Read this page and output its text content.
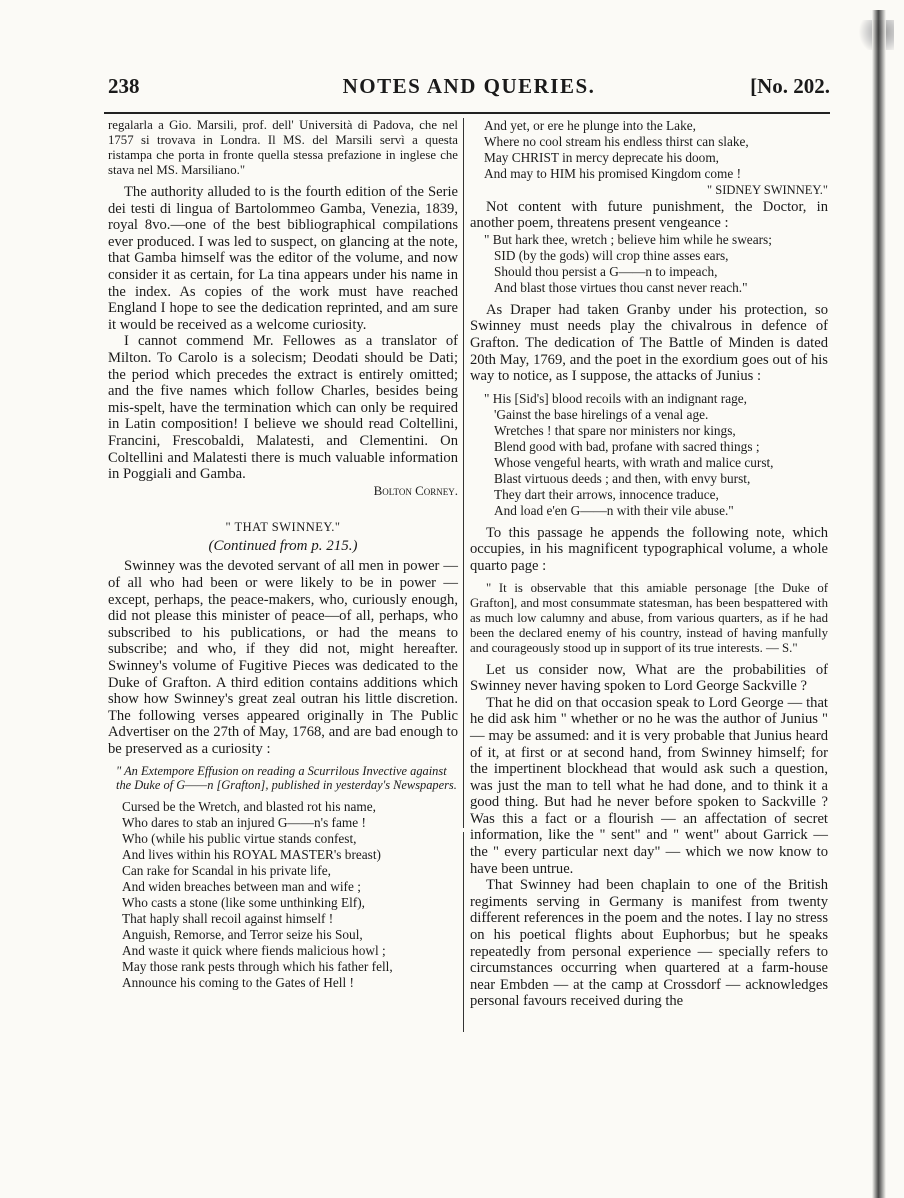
238	NOTES AND QUERIES.	[No. 202.

regalarla a Gio. Marsili, prof. dell' Università di Padova, che nel 1757 si trovava in Londra. Il MS. del Marsili servì a questa ristampa che porta in fronte quella stessa prefazione in inglese che stava nel MS. Marsiliano."

The authority alluded to is the fourth edition of the Serie dei testi di lingua of Bartolommeo Gamba, Venezia, 1839, royal 8vo.—one of the best bibliographical compilations ever produced. I was led to suspect, on glancing at the note, that Gamba himself was the editor of the volume, and now consider it as certain, for La tina appears under his name in the index. As copies of the work must have reached England I hope to see the dedication reprinted, and am sure it would be received as a welcome curiosity.

I cannot commend Mr. Fellowes as a translator of Milton. To Carolo is a solecism; Deodati should be Dati; the period which precedes the extract is entirely omitted; and the five names which follow Charles, besides being mis-spelt, have the termination which can only be required in Latin composition! I believe we should read Coltellini, Francini, Frescobaldi, Malatesti, and Clementini. On Coltellini and Malatesti there is much valuable information in Poggiali and Gamba.

Bolton Corney.

" THAT SWINNEY."

(Continued from p. 215.)

Swinney was the devoted servant of all men in power — of all who had been or were likely to be in power — except, perhaps, the peace-makers, who, curiously enough, did not please this minister of peace—of all, perhaps, who subscribed to his publications, or had the means to subscribe; and who, if they did not, might hereafter. Swinney's volume of Fugitive Pieces was dedicated to the Duke of Grafton. A third edition contains additions which show how Swinney's great zeal outran his little discretion. The following verses appeared originally in The Public Advertiser on the 27th of May, 1768, and are bad enough to be preserved as a curiosity :

" An Extempore Effusion on reading a Scurrilous Invective against the Duke of G——n [Grafton], published in yesterday's Newspapers.

Cursed be the Wretch, and blasted rot his name,
Who dares to stab an injured G——n's fame !
Who (while his public virtue stands confest,
And lives within his ROYAL MASTER's breast)
Can rake for Scandal in his private life,
And widen breaches between man and wife ;
Who casts a stone (like some unthinking Elf),
That haply shall recoil against himself !
Anguish, Remorse, and Terror seize his Soul,
And waste it quick where fiends malicious howl ;
May those rank pests through which his father fell,
Announce his coming to the Gates of Hell !
And yet, or ere he plunge into the Lake,
Where no cool stream his endless thirst can slake,
May CHRIST in mercy deprecate his doom,
And may to HIM his promised Kingdom come !

" SIDNEY SWINNEY."

Not content with future punishment, the Doctor, in another poem, threatens present vengeance :

" But hark thee, wretch ; believe him while he swears;
SID (by the gods) will crop thine asses ears,
Should thou persist a G——n to impeach,
And blast those virtues thou canst never reach."

As Draper had taken Granby under his protection, so Swinney must needs play the chivalrous in defence of Grafton. The dedication of The Battle of Minden is dated 20th May, 1769, and the poet in the exordium goes out of his way to notice, as I suppose, the attacks of Junius :

" His [Sid's] blood recoils with an indignant rage,
'Gainst the base hirelings of a venal age.
Wretches ! that spare nor ministers nor kings,
Blend good with bad, profane with sacred things ;
Whose vengeful hearts, with wrath and malice curst,
Blast virtuous deeds ; and then, with envy burst,
They dart their arrows, innocence traduce,
And load e'en G——n with their vile abuse."

To this passage he appends the following note, which occupies, in his magnificent typographical volume, a whole quarto page :

" It is observable that this amiable personage [the Duke of Grafton], and most consummate statesman, has been bespattered with as much low calumny and abuse, from various quarters, as if he had been the declared enemy of his country, instead of having manfully and courageously stood up in support of its true interests. — S."

Let us consider now, What are the probabilities of Swinney never having spoken to Lord George Sackville ?

That he did on that occasion speak to Lord George — that he did ask him " whether or no he was the author of Junius " — may be assumed: and it is very probable that Junius heard of it, at first or at second hand, from Swinney himself; for the impertinent blockhead that would ask such a question, was just the man to tell what he had done, and to think it a good thing. But had he never before spoken to Sackville ? Was this a fact or a flourish — an affectation of secret information, like the " sent" and " went" about Garrick — the " every particular next day" — which we now know to have been untrue.

That Swinney had been chaplain to one of the British regiments serving in Germany is manifest from twenty different references in the poem and the notes. I lay no stress on his poetical flights about Euphorbus; but he speaks repeatedly from personal experience — specially refers to circumstances occurring when quartered at a farm-house near Embden — at the camp at Crossdorf — acknowledges personal favours received during the
